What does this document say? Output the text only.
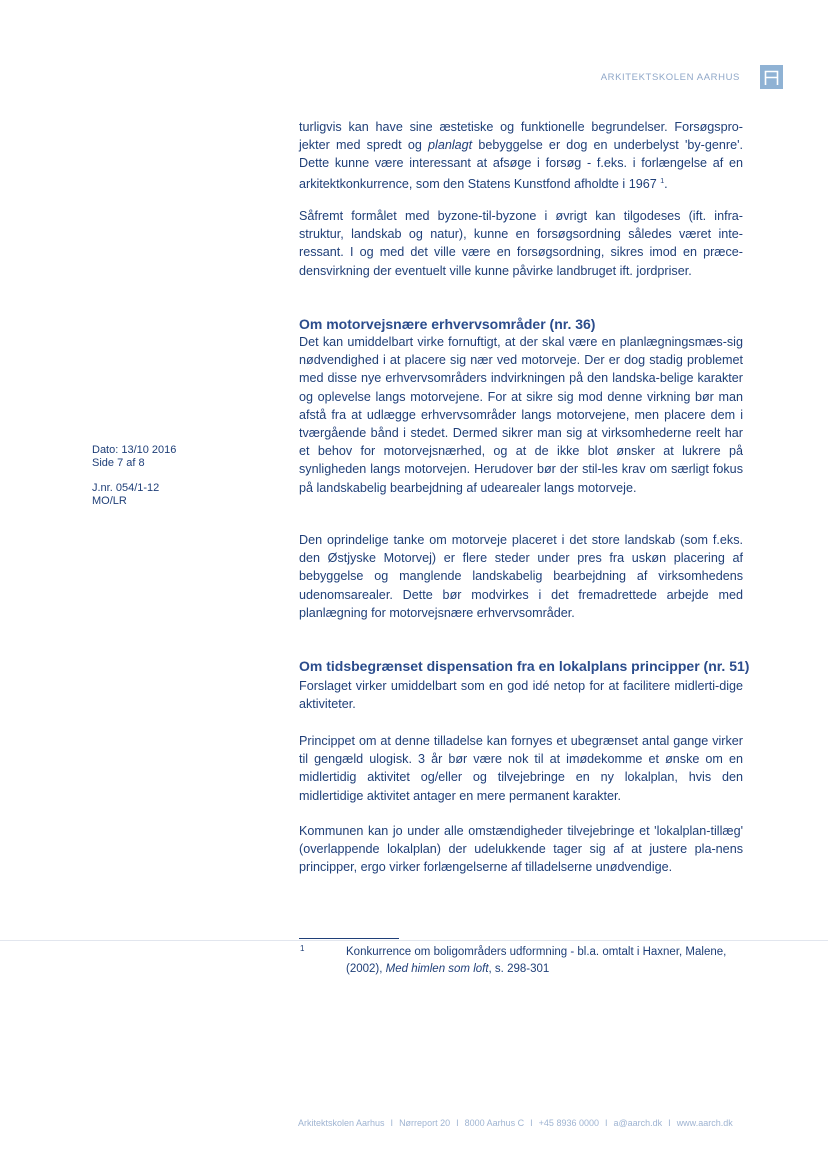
ARKITEKTSKOLEN AARHUS

turligvis kan have sine æstetiske og funktionelle begrundelser. Forsøgspro-jekter med spredt og planlagt bebyggelse er dog en underbelyst 'by-genre'. Dette kunne være interessant at afsøge i forsøg - f.eks. i forlængelse af en arkitektkonkurrence, som den Statens Kunstfond afholdte i 1967 $^1$.

Såfremt formålet med byzone-til-byzone i øvrigt kan tilgodeses (ift. infra-struktur, landskab og natur), kunne en forsøgsordning således været inte-ressant. I og med det ville være en forsøgsordning, sikres imod en præce-densvirkning der eventuelt ville kunne påvirke landbruget ift. jordpriser.

Om motorvejsnære erhvervsområder (nr. 36)

Det kan umiddelbart virke fornuftigt, at der skal være en planlægningsmæs-sig nødvendighed i at placere sig nær ved motorveje. Der er dog stadig problemet med disse nye erhvervsområders indvirkningen på den landska-belige karakter og oplevelse langs motorvejene. For at sikre sig mod denne virkning bør man afstå fra at udlægge erhvervsområder langs motorvejene, men placere dem i tværgående bånd i stedet. Dermed sikrer man sig at virksomhederne reelt har et behov for motorvejsnærhed, og at de ikke blot ønsker at lukrere på synligheden langs motorvejen. Herudover bør der stil-les krav om særligt fokus på landskabelig bearbejdning af udearealer langs motorveje.

Den oprindelige tanke om motorveje placeret i det store landskab (som f.eks. den Østjyske Motorvej) er flere steder under pres fra uskøn placering af bebyggelse og manglende landskabelig bearbejdning af virksomhedens udenomsarealer. Dette bør modvirkes i det fremadrettede arbejde med planlægning for motorvejsnære erhvervsområder.

Om tidsbegrænset dispensation fra en lokalplans principper (nr. 51)

Forslaget virker umiddelbart som en god idé netop for at facilitere midlerti-dige aktiviteter.

Princippet om at denne tilladelse kan fornyes et ubegrænset antal gange virker til gengæld ulogisk. 3 år bør være nok til at imødekomme et ønske om en midlertidig aktivitet og/eller og tilvejebringe en ny lokalplan, hvis den midlertidige aktivitet antager en mere permanent karakter.

Kommunen kan jo under alle omstændigheder tilvejebringe et 'lokalplan-tillæg' (overlappende lokalplan) der udelukkende tager sig af at justere pla-nens principper, ergo virker forlængelserne af tilladelserne unødvendige.

Dato: 13/10 2016
Side 7 af 8
J.nr. 054/1-12
MO/LR
1	Konkurrence om boligområders udformning - bl.a. omtalt i Haxner, Malene, (2002), Med himlen som loft, s. 298-301
Arkitektskolen Aarhus I Nørreport 20 I 8000 Aarhus C I +45 8936 0000 I a@aarch.dk I www.aarch.dk
